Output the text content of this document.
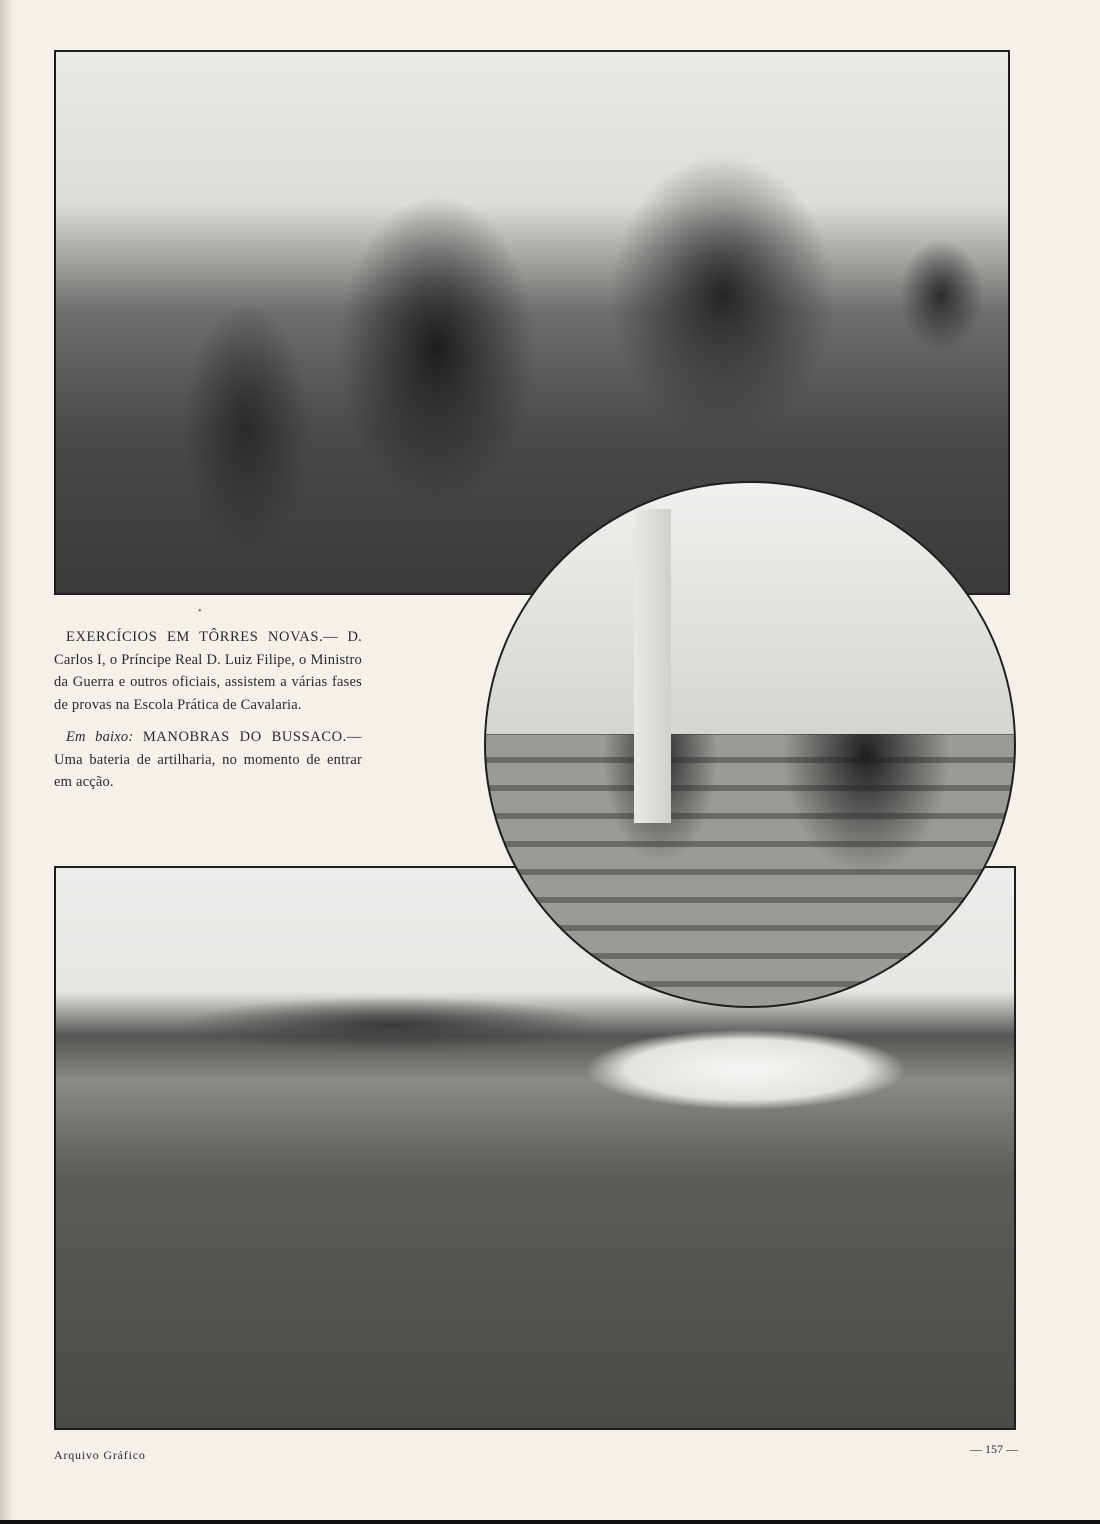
•

EXERCÍCIOS EM TÔRRES NOVAS.— D. Carlos I, o Príncipe Real D. Luiz Filipe, o Ministro da Guerra e outros oficiais, assistem a várias fases de provas na Escola Prática de Cavalaria.

Em baixo: MANOBRAS DO BUSSACO.— Uma bateria de artilharia, no momento de entrar em acção.

Arquivo Gráfico	— 157 —
